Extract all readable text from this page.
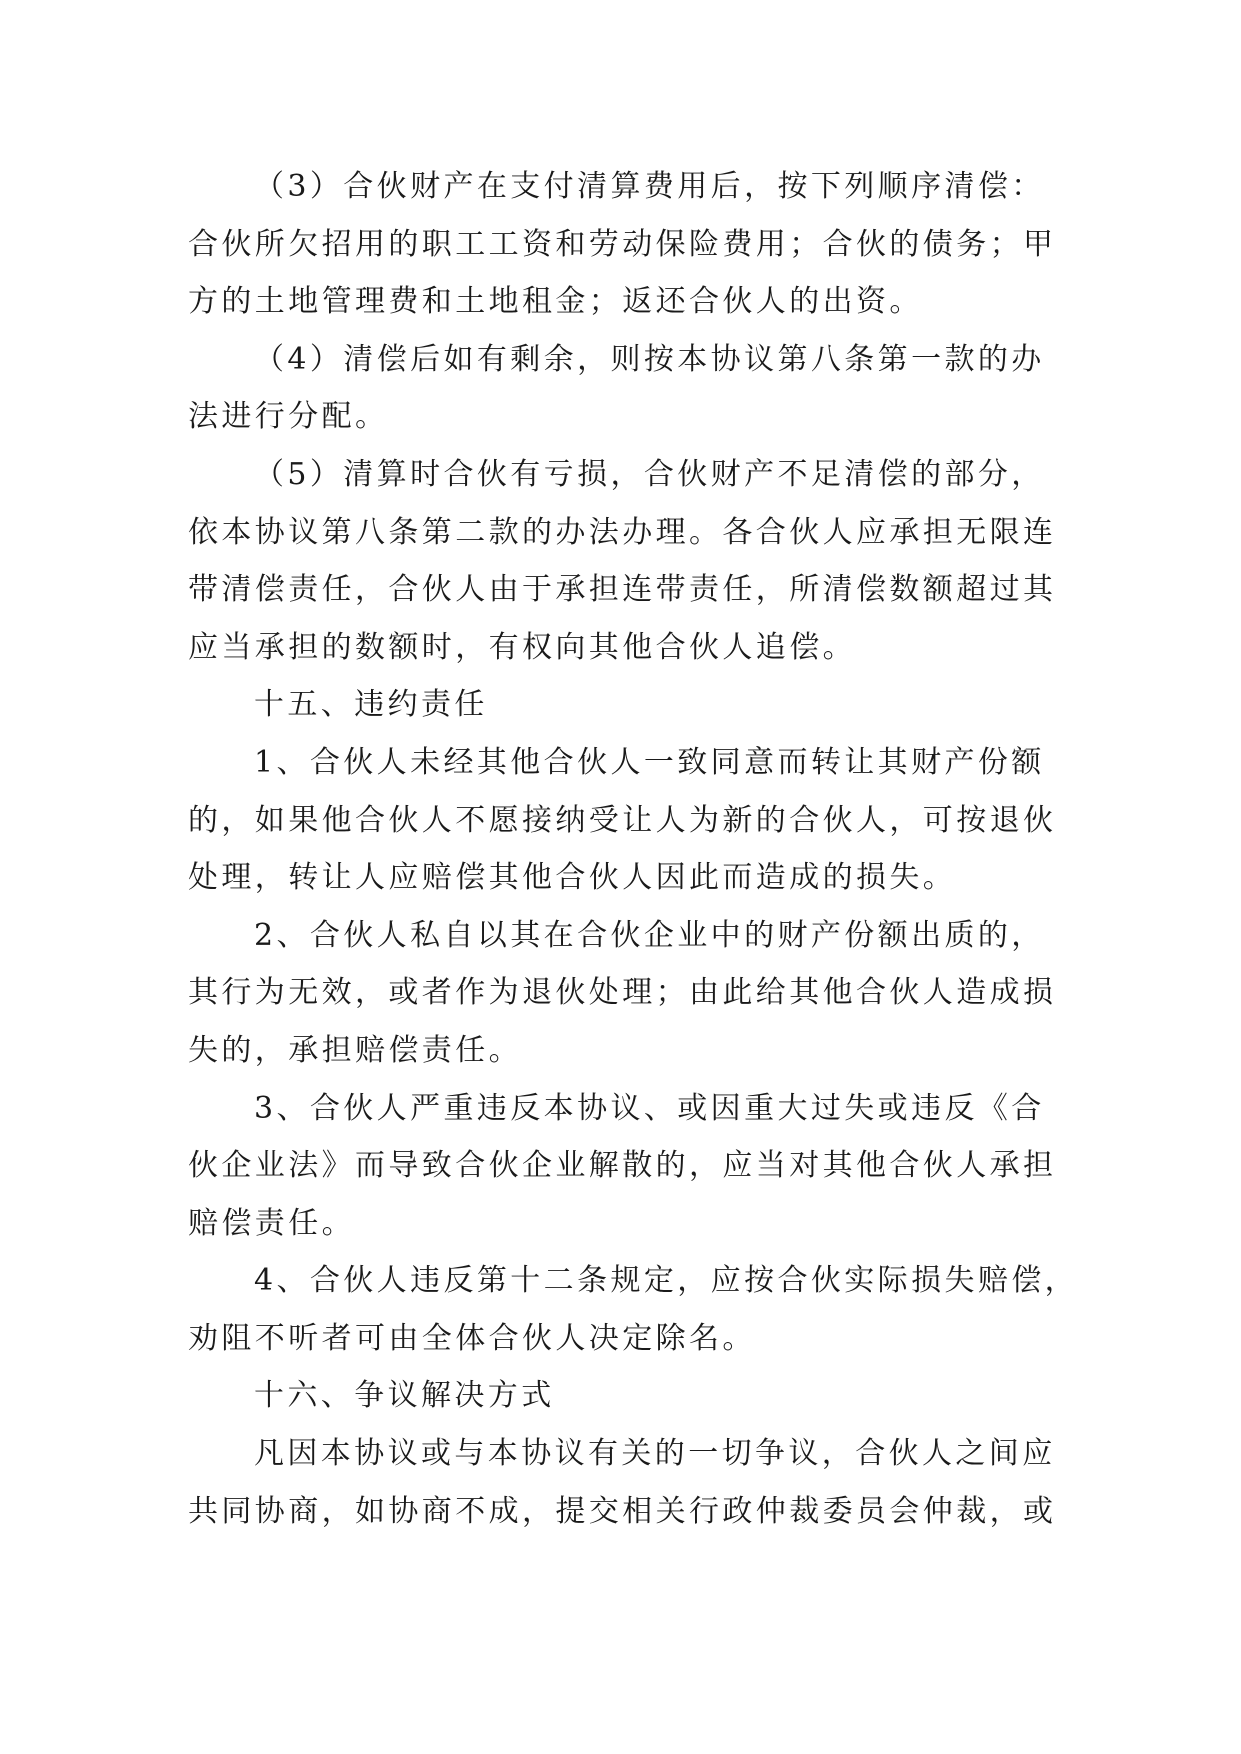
（3）合伙财产在支付清算费用后，按下列顺序清偿：
合伙所欠招用的职工工资和劳动保险费用；合伙的债务；甲
方的土地管理费和土地租金；返还合伙人的出资。

（4）清偿后如有剩余，则按本协议第八条第一款的办
法进行分配。

（5）清算时合伙有亏损，合伙财产不足清偿的部分，
依本协议第八条第二款的办法办理。各合伙人应承担无限连
带清偿责任，合伙人由于承担连带责任，所清偿数额超过其
应当承担的数额时，有权向其他合伙人追偿。

十五、违约责任

1、合伙人未经其他合伙人一致同意而转让其财产份额
的，如果他合伙人不愿接纳受让人为新的合伙人，可按退伙
处理，转让人应赔偿其他合伙人因此而造成的损失。

2、合伙人私自以其在合伙企业中的财产份额出质的，
其行为无效，或者作为退伙处理；由此给其他合伙人造成损
失的，承担赔偿责任。

3、合伙人严重违反本协议、或因重大过失或违反《合
伙企业法》而导致合伙企业解散的，应当对其他合伙人承担
赔偿责任。

4、合伙人违反第十二条规定，应按合伙实际损失赔偿，
劝阻不听者可由全体合伙人决定除名。

十六、争议解决方式

凡因本协议或与本协议有关的一切争议，合伙人之间应
共同协商，如协商不成，提交相关行政仲裁委员会仲裁，或
